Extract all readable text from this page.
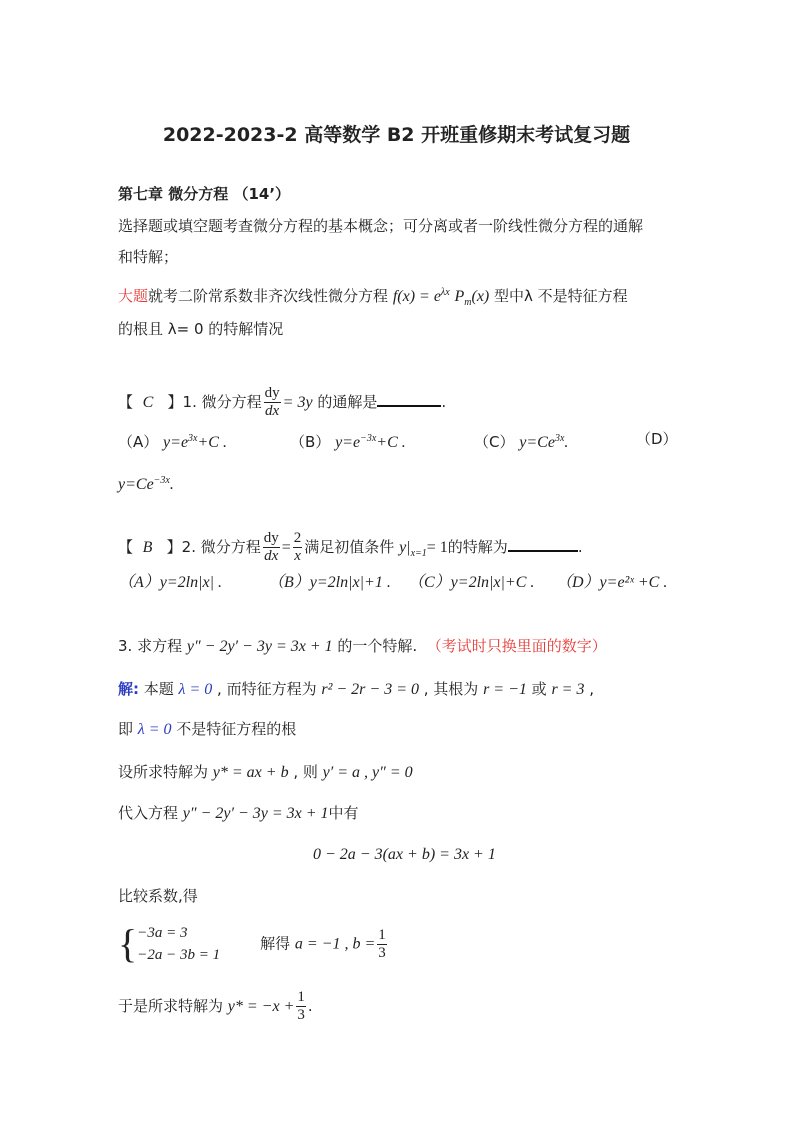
2022-2023-2 高等数学 B2 开班重修期末考试复习题
第七章 微分方程 （14’）
选择题或填空题考查微分方程的基本概念；可分离或者一阶线性微分方程的通解
和特解；
大题就考二阶常系数非齐次线性微分方程 $f(x) = e^{\lambda x}$ $P_m(x)$ 型中λ 不是特征方程
的根且 λ= 0 的特解情况
【 C 】1. 微分方程 $\frac{dy}{dx} = 3y$ 的通解是	.
（A） $y=e^{3x}+C$ .	（B） $y=e^{-3x}+C$ .	（C） $y=Ce^{3x}$.	（D）
$y=Ce^{-3x}$.
【 B 】2. 微分方程 $\frac{dy}{dx} = \frac{2}{x}$ 满足初值条件 $y|_{x=1}= 1$的特解为	.
（A）y=2ln|x| .	（B）y=2ln|x|+1 . （C）y=2ln|x|+C . （D）y=e²ˣ +C .
3. 求方程 y″ − 2y′ − 3y = 3x + 1 的一个特解. （考试时只换里面的数字）
解: 本题 λ = 0 , 而特征方程为 r² − 2r − 3 = 0 , 其根为 r = −1 或 r = 3 ,
即 λ = 0 不是特征方程的根
设所求特解为 y* = ax + b , 则 y′ = a , y″ = 0
代入方程 y″ − 2y′ − 3y = 3x + 1中有
0 − 2a − 3(ax + b) = 3x + 1
比较系数,得
{ −3a = 3
−2a − 3b = 1
解得 a = −1 , $b = \frac{1}{3}$
于是所求特解为 $y* = -x + \frac{1}{3}$ .
